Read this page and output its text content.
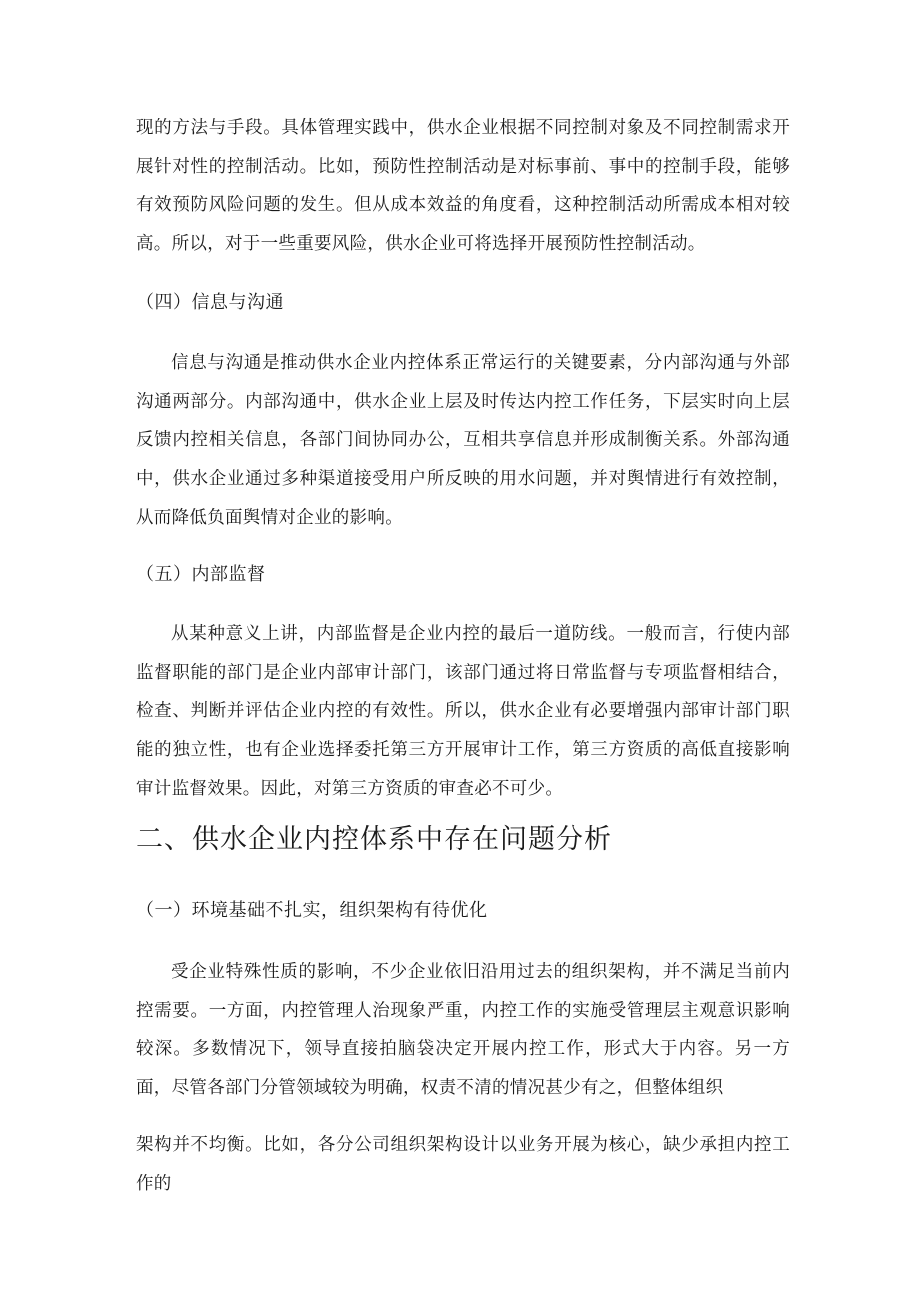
现的方法与手段。具体管理实践中，供水企业根据不同控制对象及不同控制需求开展针对性的控制活动。比如，预防性控制活动是对标事前、事中的控制手段，能够有效预防风险问题的发生。但从成本效益的角度看，这种控制活动所需成本相对较高。所以，对于一些重要风险，供水企业可将选择开展预防性控制活动。

（四）信息与沟通

信息与沟通是推动供水企业内控体系正常运行的关键要素，分内部沟通与外部沟通两部分。内部沟通中，供水企业上层及时传达内控工作任务，下层实时向上层反馈内控相关信息，各部门间协同办公，互相共享信息并形成制衡关系。外部沟通中，供水企业通过多种渠道接受用户所反映的用水问题，并对舆情进行有效控制，从而降低负面舆情对企业的影响。

（五）内部监督

从某种意义上讲，内部监督是企业内控的最后一道防线。一般而言，行使内部监督职能的部门是企业内部审计部门，该部门通过将日常监督与专项监督相结合，检查、判断并评估企业内控的有效性。所以，供水企业有必要增强内部审计部门职能的独立性，也有企业选择委托第三方开展审计工作，第三方资质的高低直接影响审计监督效果。因此，对第三方资质的审查必不可少。

二、供水企业内控体系中存在问题分析

（一）环境基础不扎实，组织架构有待优化

受企业特殊性质的影响，不少企业依旧沿用过去的组织架构，并不满足当前内控需要。一方面，内控管理人治现象严重，内控工作的实施受管理层主观意识影响较深。多数情况下，领导直接拍脑袋决定开展内控工作，形式大于内容。另一方面，尽管各部门分管领域较为明确，权责不清的情况甚少有之，但整体组织

架构并不均衡。比如，各分公司组织架构设计以业务开展为核心，缺少承担内控工作的
